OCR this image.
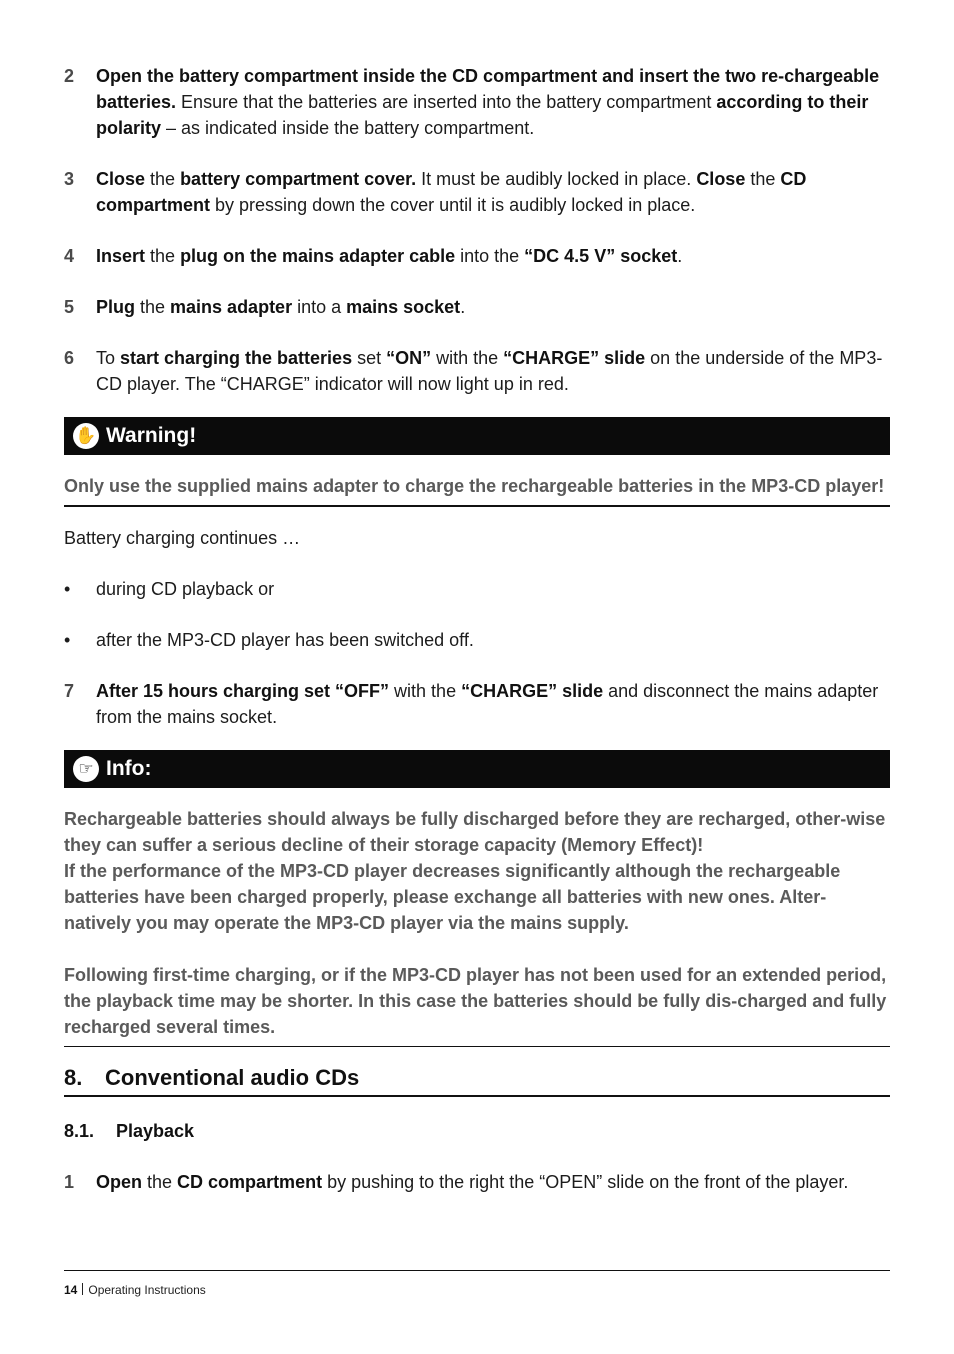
2 Open the battery compartment inside the CD compartment and insert the two re-chargeable batteries. Ensure that the batteries are inserted into the battery compartment according to their polarity – as indicated inside the battery compartment.
3 Close the battery compartment cover. It must be audibly locked in place. Close the CD compartment by pressing down the cover until it is audibly locked in place.
4 Insert the plug on the mains adapter cable into the “DC 4.5 V” socket.
5 Plug the mains adapter into a mains socket.
6 To start charging the batteries set “ON” with the “CHARGE” slide on the underside of the MP3-CD player. The “CHARGE” indicator will now light up in red.
✋ Warning!
Only use the supplied mains adapter to charge the rechargeable batteries in the MP3-CD player!
Battery charging continues …
• during CD playback or
• after the MP3-CD player has been switched off.
7 After 15 hours charging set “OFF” with the “CHARGE” slide and disconnect the mains adapter from the mains socket.
☞ Info:
Rechargeable batteries should always be fully discharged before they are recharged, other-wise they can suffer a serious decline of their storage capacity (Memory Effect)!
If the performance of the MP3-CD player decreases significantly although the rechargeable batteries have been charged properly, please exchange all batteries with new ones. Alter-natively you may operate the MP3-CD player via the mains supply.
Following first-time charging, or if the MP3-CD player has not been used for an extended period, the playback time may be shorter. In this case the batteries should be fully dis-charged and fully recharged several times.
8. Conventional audio CDs
8.1. Playback
1 Open the CD compartment by pushing to the right the “OPEN” slide on the front of the player.
14 Operating Instructions
